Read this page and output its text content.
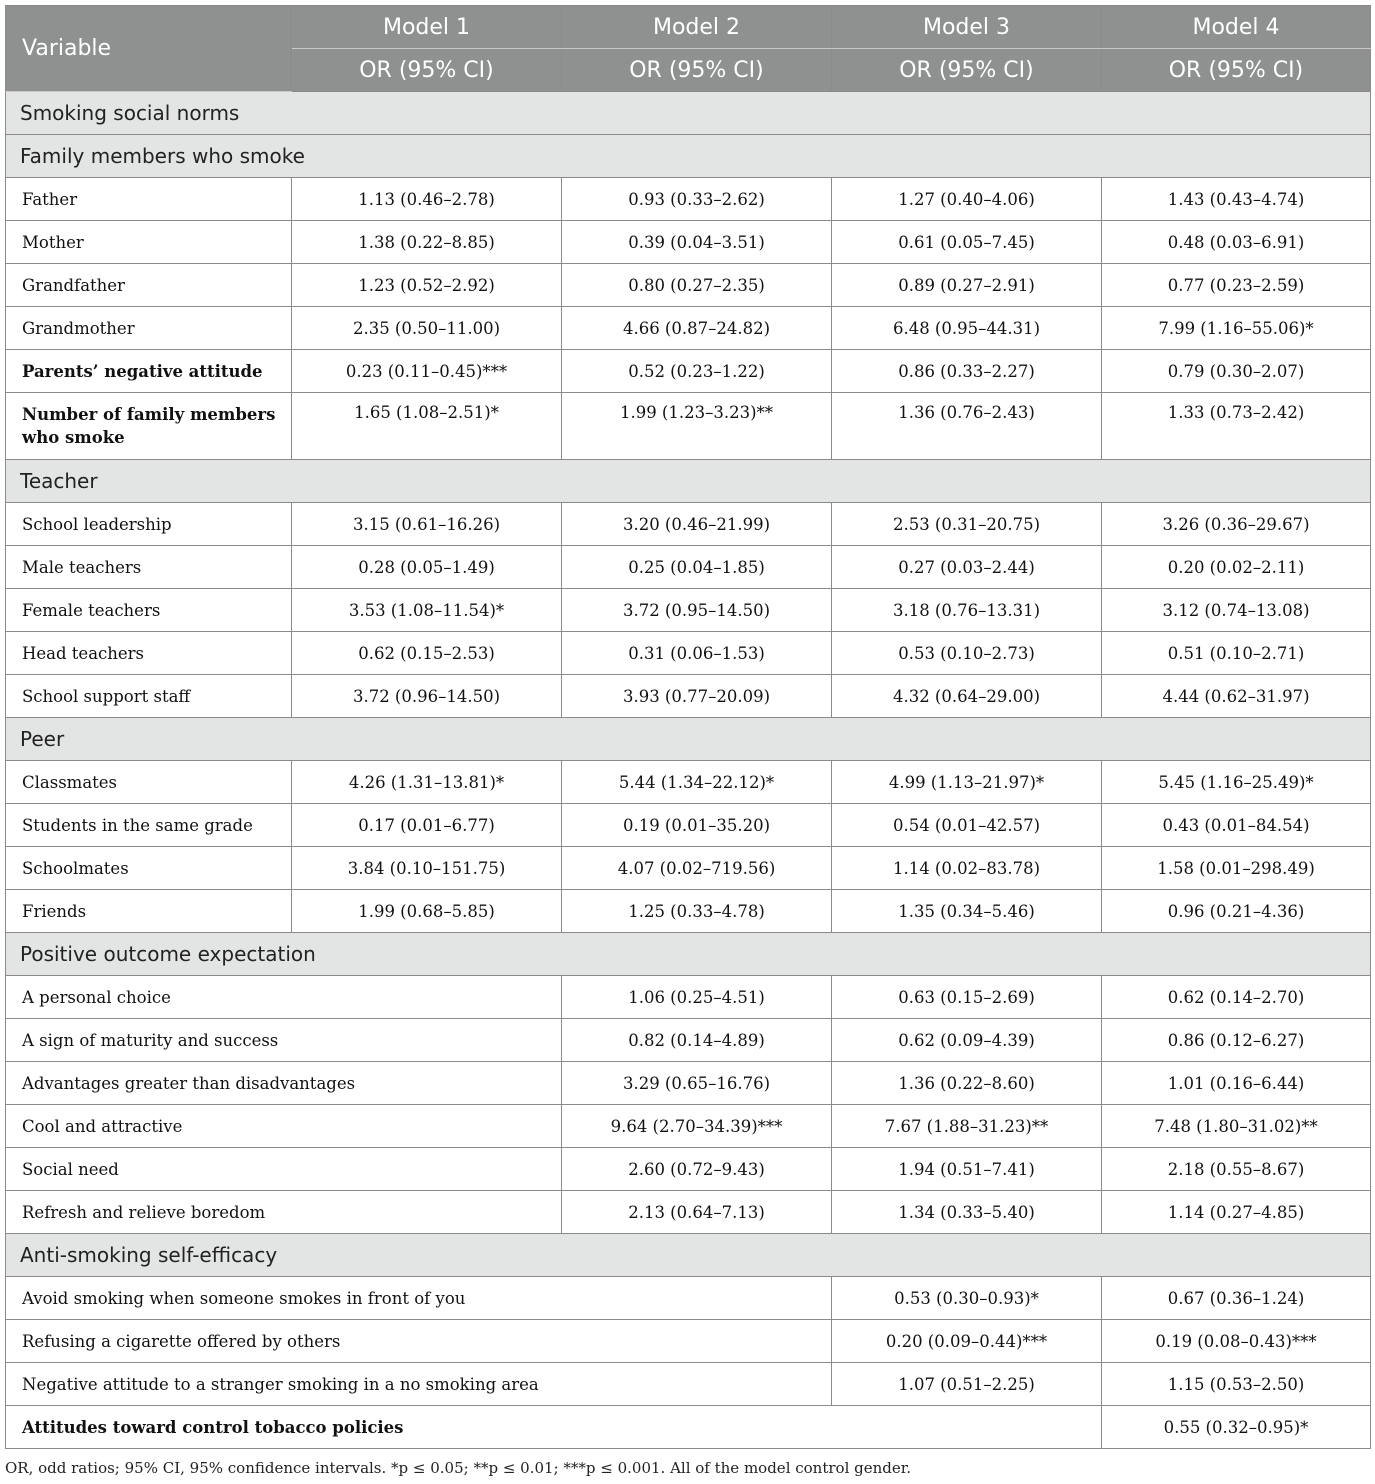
Variable	Model 1	Model 2	Model 3	Model 4
	OR (95% CI)	OR (95% CI)	OR (95% CI)	OR (95% CI)
Smoking social norms				
Family members who smoke				
Father	1.13 (0.46–2.78)	0.93 (0.33–2.62)	1.27 (0.40–4.06)	1.43 (0.43–4.74)
Mother	1.38 (0.22–8.85)	0.39 (0.04–3.51)	0.61 (0.05–7.45)	0.48 (0.03–6.91)
Grandfather	1.23 (0.52–2.92)	0.80 (0.27–2.35)	0.89 (0.27–2.91)	0.77 (0.23–2.59)
Grandmother	2.35 (0.50–11.00)	4.66 (0.87–24.82)	6.48 (0.95–44.31)	7.99 (1.16–55.06)*
Parents’ negative attitude	0.23 (0.11–0.45)***	0.52 (0.23–1.22)	0.86 (0.33–2.27)	0.79 (0.30–2.07)
Number of family members who smoke	1.65 (1.08–2.51)*	1.99 (1.23–3.23)**	1.36 (0.76–2.43)	1.33 (0.73–2.42)
Teacher				
School leadership	3.15 (0.61–16.26)	3.20 (0.46–21.99)	2.53 (0.31–20.75)	3.26 (0.36–29.67)
Male teachers	0.28 (0.05–1.49)	0.25 (0.04–1.85)	0.27 (0.03–2.44)	0.20 (0.02–2.11)
Female teachers	3.53 (1.08–11.54)*	3.72 (0.95–14.50)	3.18 (0.76–13.31)	3.12 (0.74–13.08)
Head teachers	0.62 (0.15–2.53)	0.31 (0.06–1.53)	0.53 (0.10–2.73)	0.51 (0.10–2.71)
School support staff	3.72 (0.96–14.50)	3.93 (0.77–20.09)	4.32 (0.64–29.00)	4.44 (0.62–31.97)
Peer				
Classmates	4.26 (1.31–13.81)*	5.44 (1.34–22.12)*	4.99 (1.13–21.97)*	5.45 (1.16–25.49)*
Students in the same grade	0.17 (0.01–6.77)	0.19 (0.01–35.20)	0.54 (0.01–42.57)	0.43 (0.01–84.54)
Schoolmates	3.84 (0.10–151.75)	4.07 (0.02–719.56)	1.14 (0.02–83.78)	1.58 (0.01–298.49)
Friends	1.99 (0.68–5.85)	1.25 (0.33–4.78)	1.35 (0.34–5.46)	0.96 (0.21–4.36)
Positive outcome expectation				
A personal choice		1.06 (0.25–4.51)	0.63 (0.15–2.69)	0.62 (0.14–2.70)
A sign of maturity and success		0.82 (0.14–4.89)	0.62 (0.09–4.39)	0.86 (0.12–6.27)
Advantages greater than disadvantages		3.29 (0.65–16.76)	1.36 (0.22–8.60)	1.01 (0.16–6.44)
Cool and attractive		9.64 (2.70–34.39)***	7.67 (1.88–31.23)**	7.48 (1.80–31.02)**
Social need		2.60 (0.72–9.43)	1.94 (0.51–7.41)	2.18 (0.55–8.67)
Refresh and relieve boredom		2.13 (0.64–7.13)	1.34 (0.33–5.40)	1.14 (0.27–4.85)
Anti-smoking self-efficacy				
Avoid smoking when someone smokes in front of you			0.53 (0.30–0.93)*	0.67 (0.36–1.24)
Refusing a cigarette offered by others			0.20 (0.09–0.44)***	0.19 (0.08–0.43)***
Negative attitude to a stranger smoking in a no smoking area			1.07 (0.51–2.25)	1.15 (0.53–2.50)
Attitudes toward control tobacco policies				0.55 (0.32–0.95)*
OR, odd ratios; 95% CI, 95% confidence intervals. *p ≤ 0.05; **p ≤ 0.01; ***p ≤ 0.001. All of the model control gender.
